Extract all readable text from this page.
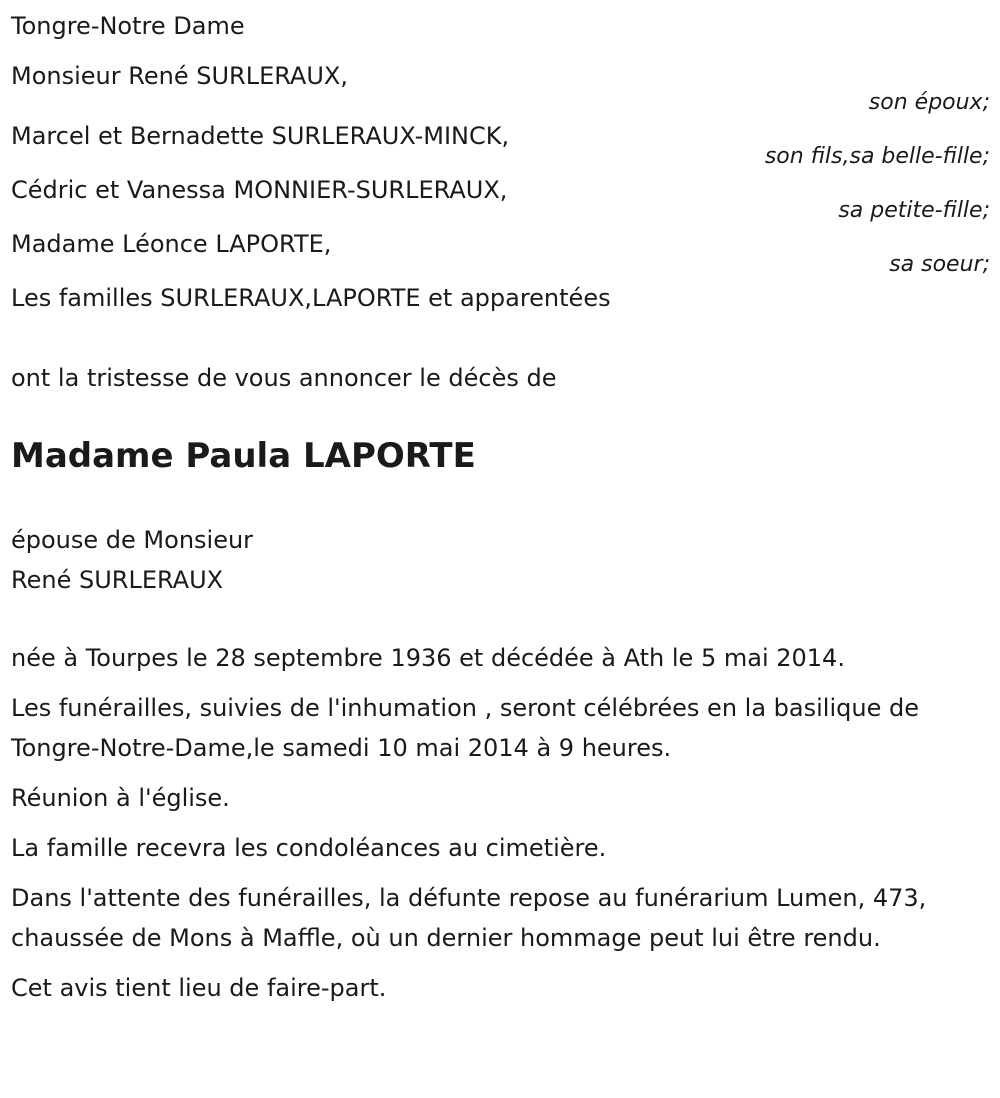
Tongre-Notre Dame
Monsieur René SURLERAUX,
son époux;
Marcel et Bernadette SURLERAUX-MINCK,
son fils,sa belle-fille;
Cédric et Vanessa MONNIER-SURLERAUX,
sa petite-fille;
Madame Léonce LAPORTE,
sa soeur;
Les familles SURLERAUX,LAPORTE et apparentées
ont la tristesse de vous annoncer le décès de
Madame Paula LAPORTE
épouse de Monsieur
René SURLERAUX

née à Tourpes le 28 septembre 1936 et décédée à Ath le 5 mai 2014.

Les funérailles, suivies de l'inhumation , seront célébrées en la basilique de Tongre-Notre-Dame,le samedi 10 mai 2014 à 9 heures.

Réunion à l'église.

La famille recevra les condoléances au cimetière.

Dans l'attente des funérailles, la défunte repose au funérarium Lumen, 473, chaussée de Mons à Maffle, où un dernier hommage peut lui être rendu.

Cet avis tient lieu de faire-part.
